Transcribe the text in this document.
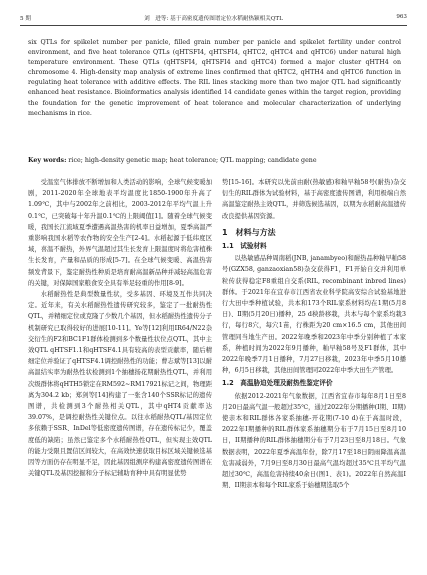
5 期	刘　进等: 基于高密度遗传图谱定位水稻耐热颖相关QTL	963
six QTLs for spikelet number per panicle, filled grain number per panicle and spikelet fertility under control environment, and five heat tolerance QTLs (qHTSFI4, qHTSFI4, qHTC2, qHTC4 and qHTC6) under natural high temperature environment. These QTLs (qHTSFI4, qHTSFI4 and qHTC4) formed a major cluster qHTH4 on chromosome 4. High-density map analysis of extreme lines confirmed that qHTC2, qHTH4 and qHTC6 function in regulating heat tolerance with additive effects. The RIL lines stacking more than two major QTL had significantly enhanced heat resistance. Bioinformatics analysis identified 14 candidate genes within the target region, providing the foundation for the genetic improvement of heat tolerance and molecular characterization of underlying mechanisms in rice.
Key words: rice; high-density genetic map; heat tolerance; QTL mapping; candidate gene

受温室气体排放不断增加和人类活动的影响，全球气候变暖加剧，2011-2020年全球地表平均温度比1850-1900年升高了1.09℃，其中与2002年之前相比，2003-2012年平均气温上升0.1℃，已突破每十年升温0.1℃的上限阈值[1]。随着全球气候变暖，我国长江流域夏季遭遇高温热害的机率日益增加，夏季高温严重影响我国水稻等农作物的安全生产[2-4]。水稻起源于低纬度区域，喜温不耐热，外界气温超过其生长发育上限温度时将危害植株生长发育，产量和品质的形成[5-7]。在全球气候变暖、高温热害频发背景下，鉴定耐热性种质是培育耐高温新品种并减轻高温危害的关键，对保障国家粮食安全具有举足轻重的作用[8-9]。

水稻耐热性是典型数量性状，受多基因、环境及互作共同决定。近年来，有关水稻耐热性遗传研究较多，鉴定了一批耐热性QTL，并精细定位或克隆了少数几个基因，但水稻耐热性遗传分子机制研究已取得较好的进展[10-11]。Ye等[12]利用IR64/N22杂交衍生的F2和BC1F1群体检测到多个数量性状位点QTL，其中主效QTL qHTSF1.1和qHTSF4.1具有较高的表型贡献率，随后精细定位并验证了qHTSF4.1调控耐热性的功能；曹志斌等[13]以耐高温结实率为耐热性状检测到1个抽穗扬花期耐热性QTL，并利用次级群体将qHTH5锁定在RM592~RM17921标记之间，物理距离为304.2 kb；郑剑等[14]构建了一张含140个SSR标记的遗传图谱，共检测到3个耐热相关QTL，其中qHT4贡献率达39.07%，是调控耐热性关键位点。以往水稻耐热QTL/基因定位多依赖于SSR、InDel等低密度遗传图谱，存在遗传标记少，覆盖度低的缺陷；虽然已鉴定多个水稻耐热性QTL，但实现主效QTL的能力受限且置信区间较大，在高效快速获取目标区域关键候选基因等方面仍存在明显不足，因此基因组测序构建高密度遗传图谱在关键QTL及基因挖掘和分子标记辅助育种中具有明显优势

势[15-16]。本研究以先前由耐(热敏感)和籼早籼58号(耐热)杂交衍生的RIL群体为试验材料，基于高密度遗传图谱，利用极端自然高温鉴定耐热主效QTL，并筛选候选基因，以期为水稻耐高温遗传改良提供基因资源。

1　材料与方法
1.1　试验材料

以热敏感品种周南稻(JNB, janambyeo)和耐热品种籼早籼58号(GZX58, ganzaoxian58)杂交获得F1，F1开始自交并利用单粒传获得稳定F8重组自交系(RIL, recombinant inbred lines)群体。于2021年在宜春市江西省农业科学院高安综合试验基地进行大田中季种植试验，共本和173个RIL家系材料均在1期(5月8日)、Ⅱ期(5月20日)播种，25 d秧龄移栽，共本与每个家系均栽3行，每行8穴，每穴1苗，行株距为20 cm×16.5 cm，其他田间管理同当地生产田。2022年晚季和2023年中季分别种植了本家系，种植时间为2022年9月播种，籼早籼58号及F1群体，其中2022年晚季7月1日播种，7月27日移栽，2023年中季5月10播种，6月5日移栽，其他田间管理同2022年中季大田生产管理。

1.2　高温胁迫处理及耐热性鉴定评价

依据2012-2021年气象数据，江西省宜春市每年8月1日至8月20日最高气温一般超过35℃，通过2022年分期播种(I期、II期)使亲本和RIL群体各家系抽穗-开花期(7-10 d)在于高温时段，2022年I期播种的RIL群体家系抽穗期分布于7月15日至8月10日，II期播种的RIL群体抽穗期分布于7月23日至8月18日。气象数据表明，2022年夏季高温年份，除7月17至18日阴雨降温高温危害减弱外，7月9日至8月30日最高气温均超过35℃且平均气温超过30℃，高温危害持续40余日(图1、表1)。2022年自然高温I期、II期亲本和每个RIL家系于始穗期选取5个
